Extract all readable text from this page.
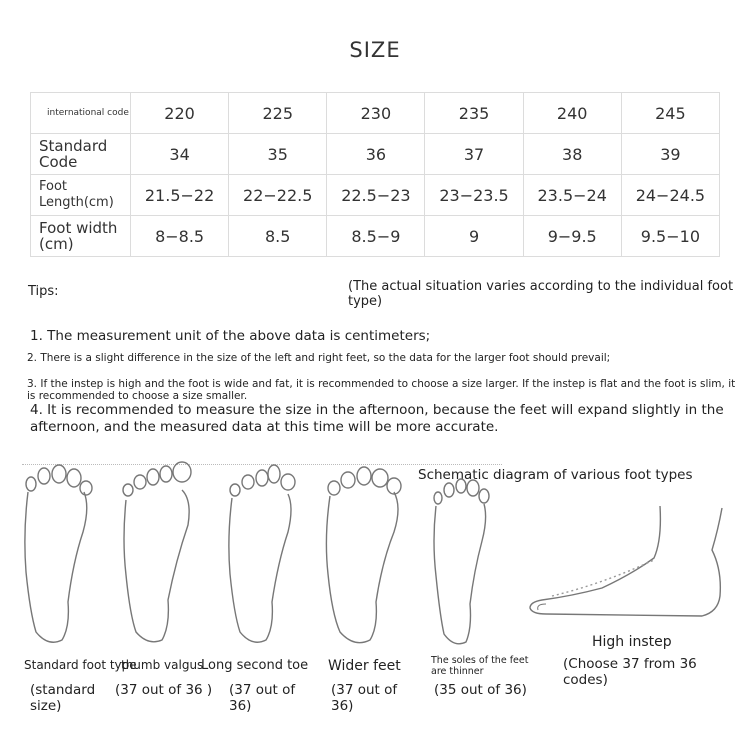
SIZE
international code	220	225	230	235	240	245
Standard Code	34	35	36	37	38	39
Foot Length(cm)	21.5−22	22−22.5	22.5−23	23−23.5	23.5−24	24−24.5
Foot width (cm)	8−8.5	8.5	8.5−9	9	9−9.5	9.5−10
Tips:	(The actual situation varies according to the individual foot type)
1. The measurement unit of the above data is centimeters;
2. There is a slight difference in the size of the left and right feet, so the data for the larger foot should prevail;
3. If the instep is high and the foot is wide and fat, it is recommended to choose a size larger. If the instep is flat and the foot is slim, it is recommended to choose a size smaller.
4. It is recommended to measure the size in the afternoon, because the feet will expand slightly in the afternoon, and the measured data at this time will be more accurate.
Schematic diagram of various foot types
Standard foot type
thumb valgus
Long second toe Wider feet	The soles of the feet are thinner
High instep
(Choose 37 from 36 codes)
(standard size)
(37 out of 36 ) (37 out of 36)
(37 out of 36)
(35 out of 36)
